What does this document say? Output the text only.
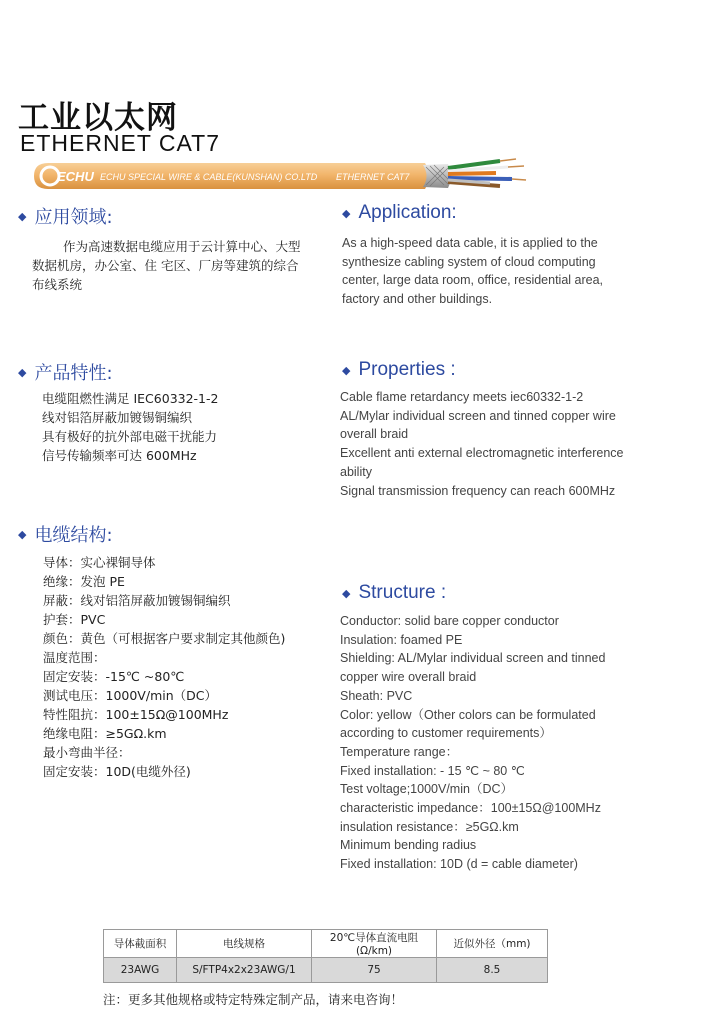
工业以太网
ETHERNET CAT7
ECHU ECHU SPECIAL WIRE & CABLE(KUNSHAN) CO.LTD ETHERNET CAT7
◆ 应用领域:	◆ Application:
作为高速数据电缆应用于云计算中心、大型
数据机房，办公室、住 宅区、厂房等建筑的综合
布线系统
As a high-speed data cable, it is applied to the
synthesize cabling system of cloud computing
center, large data room, office, residential area,
factory and other buildings.
◆ 产品特性:	◆ Properties :
电缆阻燃性满足 IEC60332-1-2
线对铝箔屏蔽加镀锡铜编织
具有极好的抗外部电磁干扰能力
信号传输频率可达 600MHz
Cable flame retardancy meets iec60332-1-2
AL/Mylar individual screen and tinned copper wire
overall braid
Excellent anti external electromagnetic interference
ability
Signal transmission frequency can reach 600MHz
◆ 电缆结构:
◆ Structure :
导体：实心裸铜导体
绝缘：发泡 PE
屏蔽：线对铝箔屏蔽加镀锡铜编织
护套：PVC
颜色：黄色（可根据客户要求制定其他颜色)
温度范围：
固定安装：-15℃ ~80℃
测试电压：1000V/min（DC）
特性阻抗：100±15Ω@100MHz
绝缘电阻：≥5GΩ.km
最小弯曲半径：
固定安装：10D(电缆外径)
Conductor: solid bare copper conductor
Insulation: foamed PE
Shielding: AL/Mylar individual screen and tinned
copper wire overall braid
Sheath: PVC
Color: yellow（Other colors can be formulated
according to customer requirements）
Temperature range：
Fixed installation: - 15 ℃ ~ 80 ℃
Test voltage;1000V/min（DC）
characteristic impedance：100±15Ω@100MHz
insulation resistance：≥5GΩ.km
Minimum bending radius
Fixed installation: 10D (d = cable diameter)
导体截面积	电线规格	20℃导体直流电阻 (Ω/km)	近似外径（mm)
23AWG	S/FTP4x2x23AWG/1	75	8.5
注：更多其他规格或特定特殊定制产品，请来电咨询！
